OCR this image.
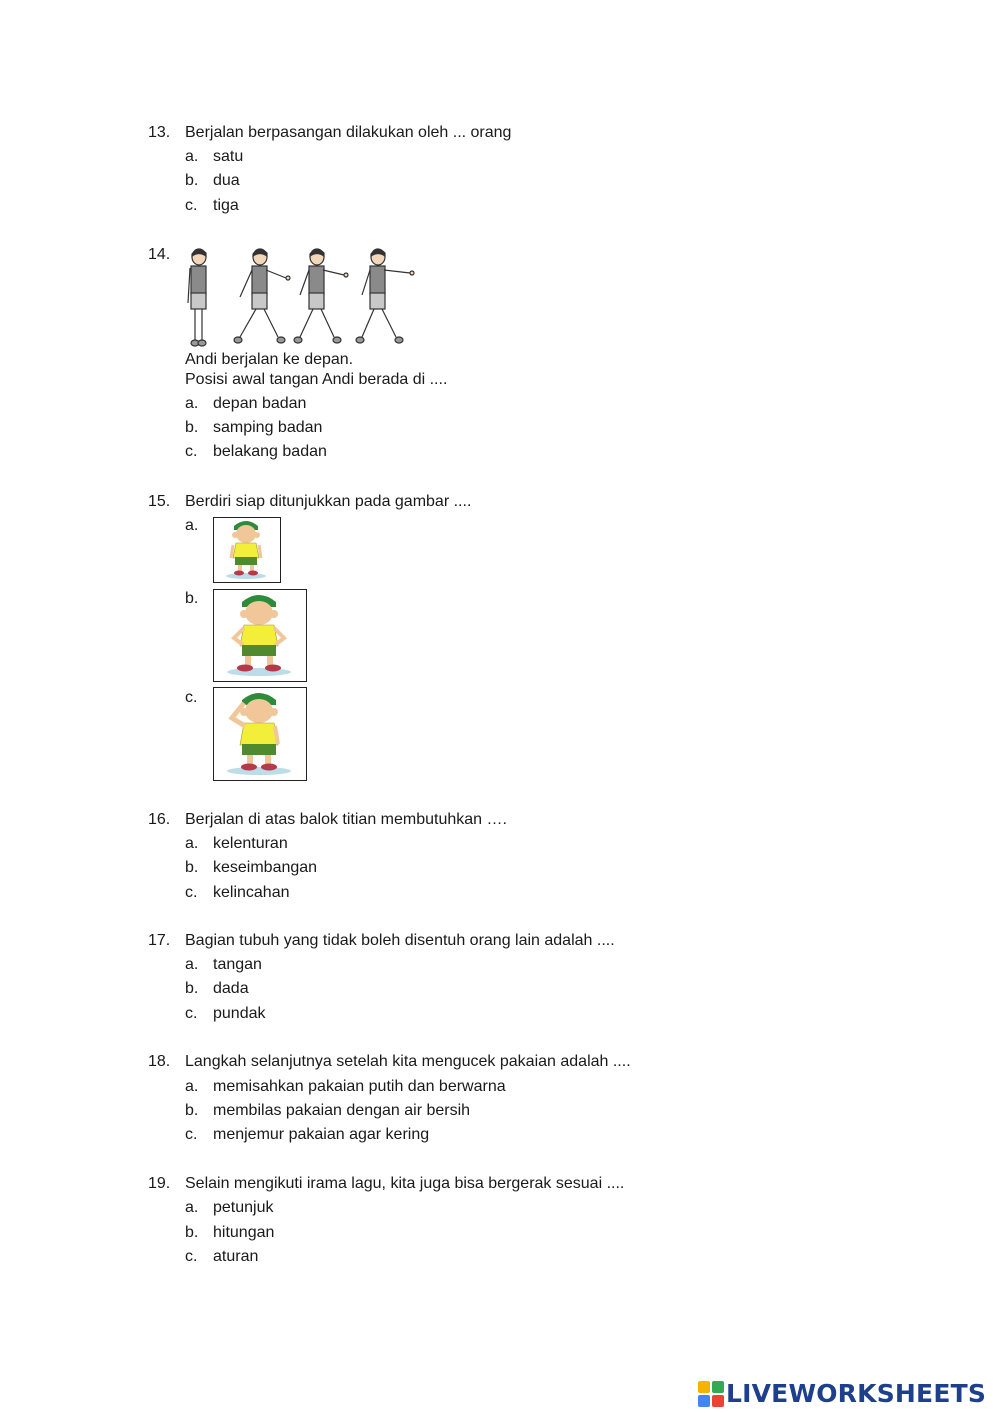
13. Berjalan berpasangan dilakukan oleh ... orang
a. satu
b. dua
c. tiga
14.
Andi berjalan ke depan.
Posisi awal tangan Andi berada di ....
a. depan badan
b. samping badan
c. belakang badan
15. Berdiri siap ditunjukkan pada gambar ....
a.
b.
c.
16. Berjalan di atas balok titian membutuhkan ….
a. kelenturan
b. keseimbangan
c. kelincahan
17. Bagian tubuh yang tidak boleh disentuh orang lain adalah ....
a. tangan
b. dada
c. pundak
18. Langkah selanjutnya setelah kita mengucek pakaian adalah ....
a. memisahkan pakaian putih dan berwarna
b. membilas pakaian dengan air bersih
c. menjemur pakaian agar kering
19. Selain mengikuti irama lagu, kita juga bisa bergerak sesuai ....
a. petunjuk
b. hitungan
c. aturan
LIVEWORKSHEETS
